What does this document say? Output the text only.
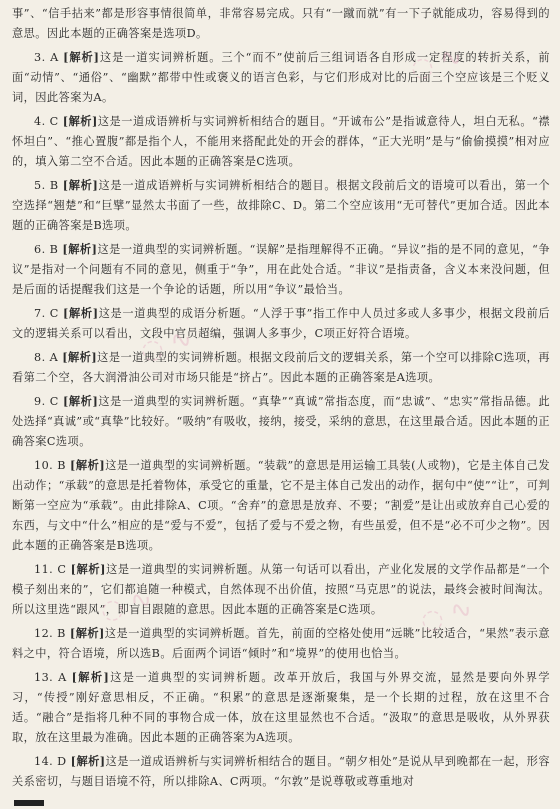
事”、“信手拈来”都是形容事情很简单，非常容易完成。只有“一蹴而就”有一下子就能成功，容易得到的意思。因此本题的正确答案是选项D。

3. A [解析]这是一道实词辨析题。三个“而不”使前后三组词语各自形成一定程度的转折关系，前面“动情”、“通俗”、“幽默”都带中性或褒义的语言色彩，与它们形成对比的后面三个空应该是三个贬义词，因此答案为A。

4. C [解析]这是一道成语辨析与实词辨析相结合的题目。“开诚布公”是指诚意待人，坦白无私。“襟怀坦白”、“推心置腹”都是指个人，不能用来搭配此处的开会的群体，“正大光明”是与“偷偷摸摸”相对应的，填入第二空不合适。因此本题的正确答案是C选项。

5. B [解析]这是一道成语辨析与实词辨析相结合的题目。根据文段前后文的语境可以看出，第一个空选择“翘楚”和“巨擘”显然太书面了一些，故排除C、D。第二个空应该用“无可替代”更加合适。因此本题的正确答案是B选项。

6. B [解析]这是一道典型的实词辨析题。“误解”是指理解得不正确。“异议”指的是不同的意见，“争议”是指对一个问题有不同的意见，侧重于“争”，用在此处合适。“非议”是指责备，含义本来没问题，但是后面的话提醒我们这是一个争论的话题，所以用“争议”最恰当。

7. C [解析]这是一道典型的成语分析题。“人浮于事”指工作中人员过多或人多事少，根据文段前后文的逻辑关系可以看出，文段中官员超编，强调人多事少，C项正好符合语境。

8. A [解析]这是一道典型的实词辨析题。根据文段前后文的逻辑关系，第一个空可以排除C选项，再看第二个空，各大润滑油公司对市场只能是“挤占”。因此本题的正确答案是A选项。

9. C [解析]这是一道典型的实词辨析题。“真挚”“真诚”常指态度，而“忠诚”、“忠实”常指品德。此处选择“真诚”或“真挚”比较好。“吸纳”有吸收，接纳，接受，采纳的意思，在这里最合适。因此本题的正确答案C选项。

10. B [解析]这是一道典型的实词辨析题。“装载”的意思是用运输工具装(人或物)，它是主体自己发出动作；“承载”的意思是托着物体，承受它的重量，它不是主体自己发出的动作，据句中“使”“让”，可判断第一空应为“承载”。由此排除A、C项。“舍弃”的意思是放弃、不要；“割爱”是让出或放弃自己心爱的东西，与文中“什么”相应的是“爱与不爱”，包括了爱与不爱之物，有些虽爱，但不是“必不可少之物”。因此本题的正确答案是B选项。

11. C [解析]这是一道典型的实词辨析题。从第一句话可以看出，产业化发展的文学作品都是“一个模子刻出来的”，它们都追随一种模式，自然体现不出价值，按照“马克思”的说法，最终会被时间淘汰。所以这里选“跟风”，即盲目跟随的意思。因此本题的正确答案是C选项。

12. B [解析]这是一道典型的实词辨析题。首先，前面的空格处使用“远眺”比较适合，“果然”表示意料之中，符合语境，所以选B。后面两个词语“倾时”和“境界”的使用也恰当。

13. A [解析]这是一道典型的实词辨析题。改革开放后，我国与外界交流，显然是要向外界学习，“传授”刚好意思相反，不正确。“积累”的意思是逐渐聚集，是一个长期的过程，放在这里不合适。“融合”是指将几种不同的事物合成一体，放在这里显然也不合适。“汲取”的意思是吸收，从外界获取，放在这里最为准确。因此本题的正确答案为A选项。

14. D [解析]这是一道成语辨析与实词辨析相结合的题目。“朝夕相处”是说从早到晚都在一起，形容关系密切，与题目语境不符，所以排除A、C两项。“尔敦”是说尊敬或尊重地对

◌ ∿
◌ ∿
◌ ∿	◌ ∿
